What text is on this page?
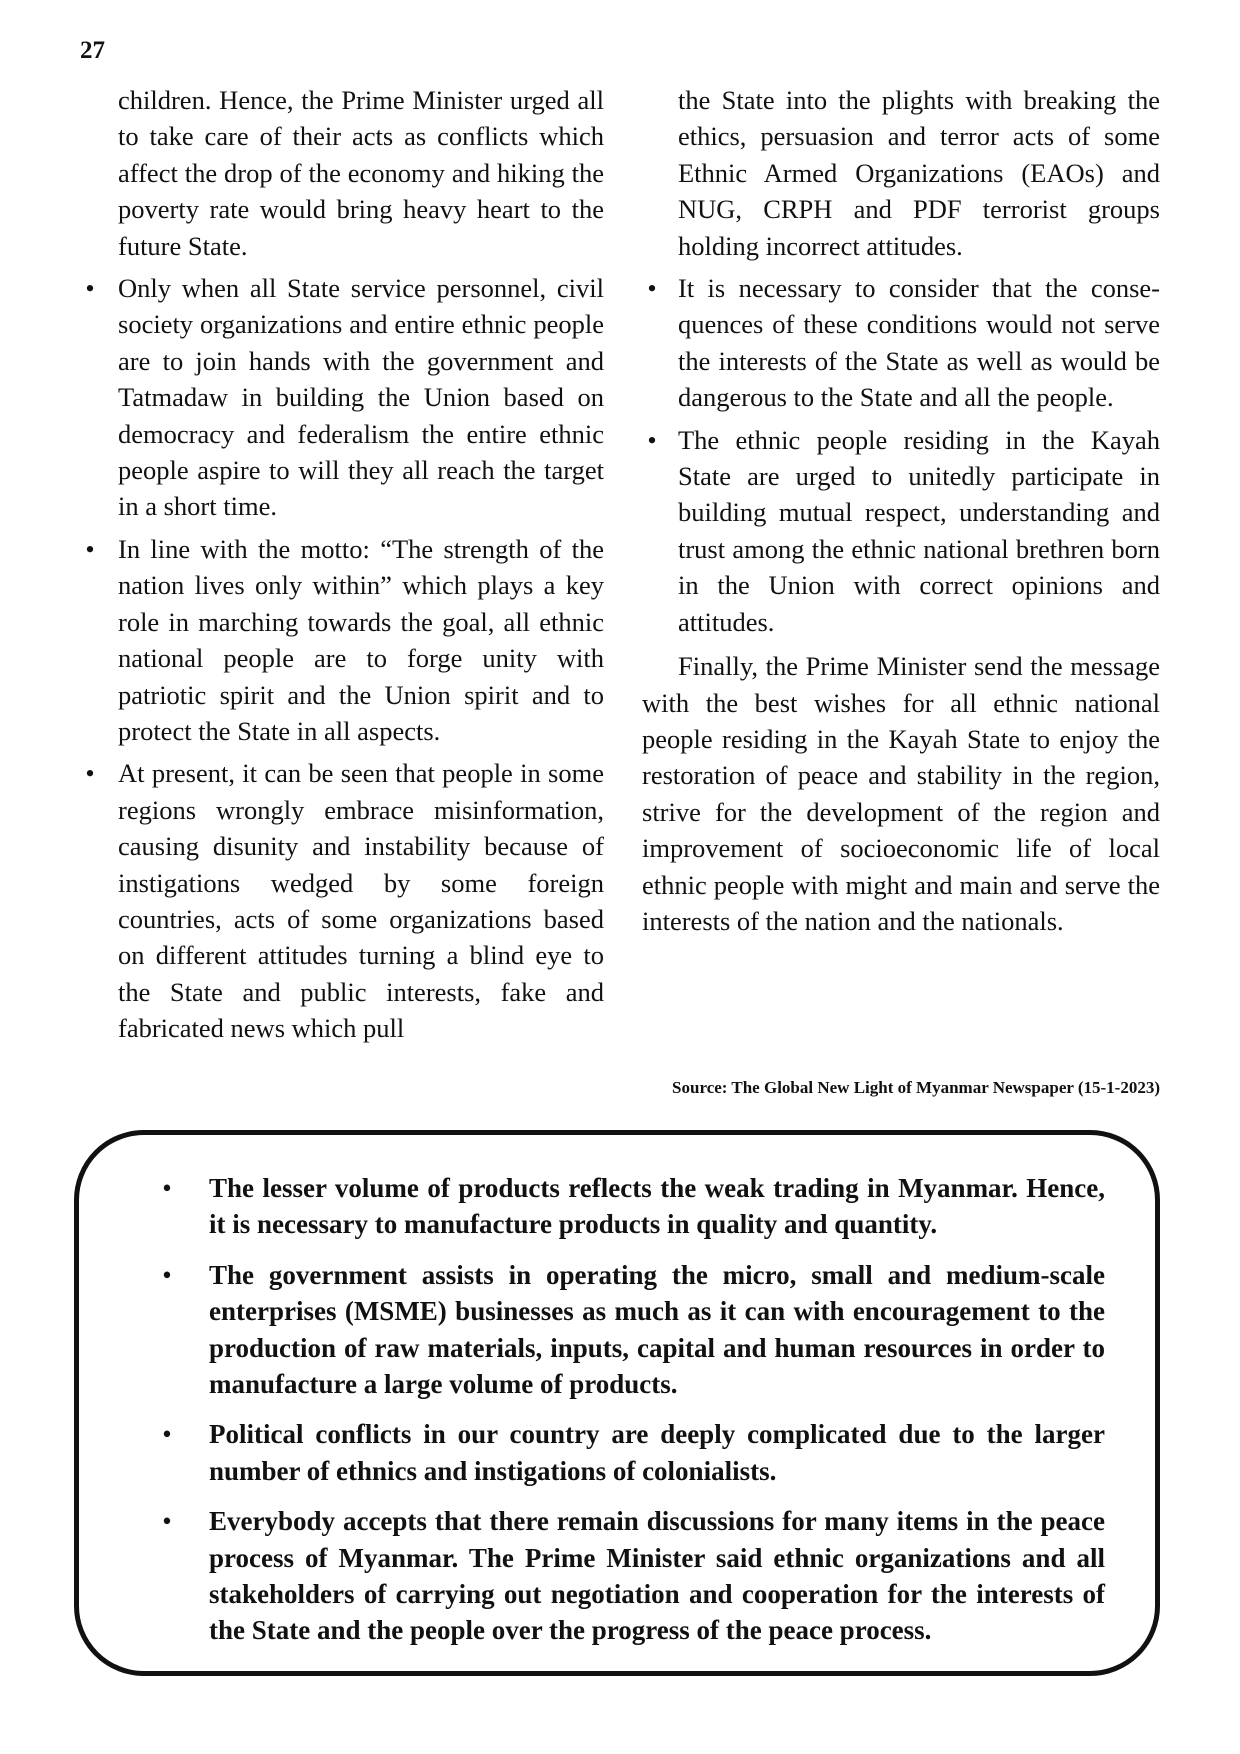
27

children. Hence, the Prime Minister urged all to take care of their acts as conflicts which affect the drop of the economy and hiking the poverty rate would bring heavy heart to the future State.

• Only when all State service personnel, civil society organizations and entire ethnic people are to join hands with the government and Tatmadaw in building the Union based on democracy and federalism the entire ethnic people aspire to will they all reach the target in a short time.
• In line with the motto: “The strength of the nation lives only within” which plays a key role in marching towards the goal, all ethnic national people are to forge unity with patriotic spirit and the Union spirit and to protect the State in all aspects.
• At present, it can be seen that people in some regions wrongly embrace misinformation, causing disunity and instability because of instigations wedged by some foreign countries, acts of some organizations based on different attitudes turning a blind eye to the State and public interests, fake and fabricated news which pull

the State into the plights with breaking the ethics, persuasion and terror acts of some Ethnic Armed Organizations (EAOs) and NUG, CRPH and PDF terrorist groups holding incorrect attitudes.

• It is necessary to consider that the consequences of these conditions would not serve the interests of the State as well as would be dangerous to the State and all the people.
• The ethnic people residing in the Kayah State are urged to unitedly participate in building mutual respect, understanding and trust among the ethnic national brethren born in the Union with correct opinions and attitudes.

Finally, the Prime Minister send the message with the best wishes for all ethnic national people residing in the Kayah State to enjoy the restoration of peace and stability in the region, strive for the development of the region and improvement of socioeconomic life of local ethnic people with might and main and serve the interests of the nation and the nationals.

Source: The Global New Light of Myanmar Newspaper (15-1-2023)
• The lesser volume of products reflects the weak trading in Myanmar. Hence, it is necessary to manufacture products in quality and quantity.
• The government assists in operating the micro, small and medium-scale enterprises (MSME) businesses as much as it can with encouragement to the production of raw materials, inputs, capital and human resources in order to manufacture a large volume of products.
• Political conflicts in our country are deeply complicated due to the larger number of ethnics and instigations of colonialists.
• Everybody accepts that there remain discussions for many items in the peace process of Myanmar. The Prime Minister said ethnic organizations and all stakeholders of carrying out negotiation and cooperation for the interests of the State and the people over the progress of the peace process.
